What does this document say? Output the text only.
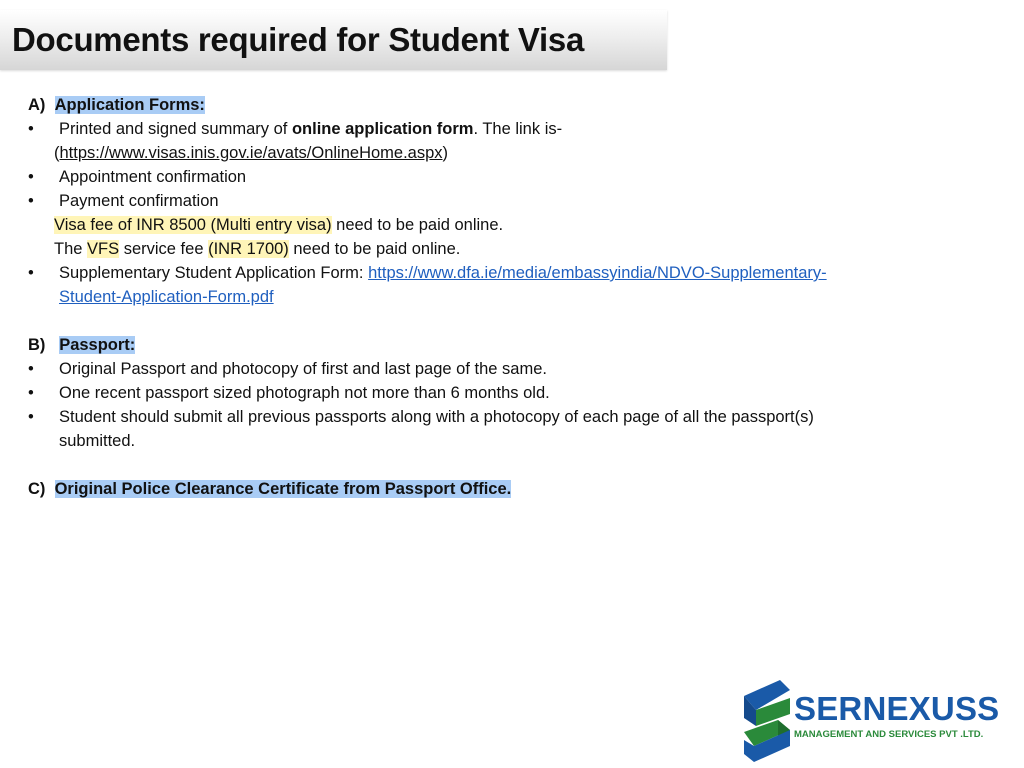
Documents required for Student Visa
A) Application Forms:
• Printed and signed summary of online application form. The link is-
(https://www.visas.inis.gov.ie/avats/OnlineHome.aspx)
• Appointment confirmation
• Payment confirmation
Visa fee of INR 8500 (Multi entry visa) need to be paid online.
The VFS service fee (INR 1700) need to be paid online.
• Supplementary Student Application Form: https://www.dfa.ie/media/embassyindia/NDVO-Supplementary-
Student-Application-Form.pdf
B) Passport:
• Original Passport and photocopy of first and last page of the same.
• One recent passport sized photograph not more than 6 months old.
• Student should submit all previous passports along with a photocopy of each page of all the passport(s)
submitted.
C) Original Police Clearance Certificate from Passport Office.
SERNEXUSS
MANAGEMENT AND SERVICES PVT .LTD.
